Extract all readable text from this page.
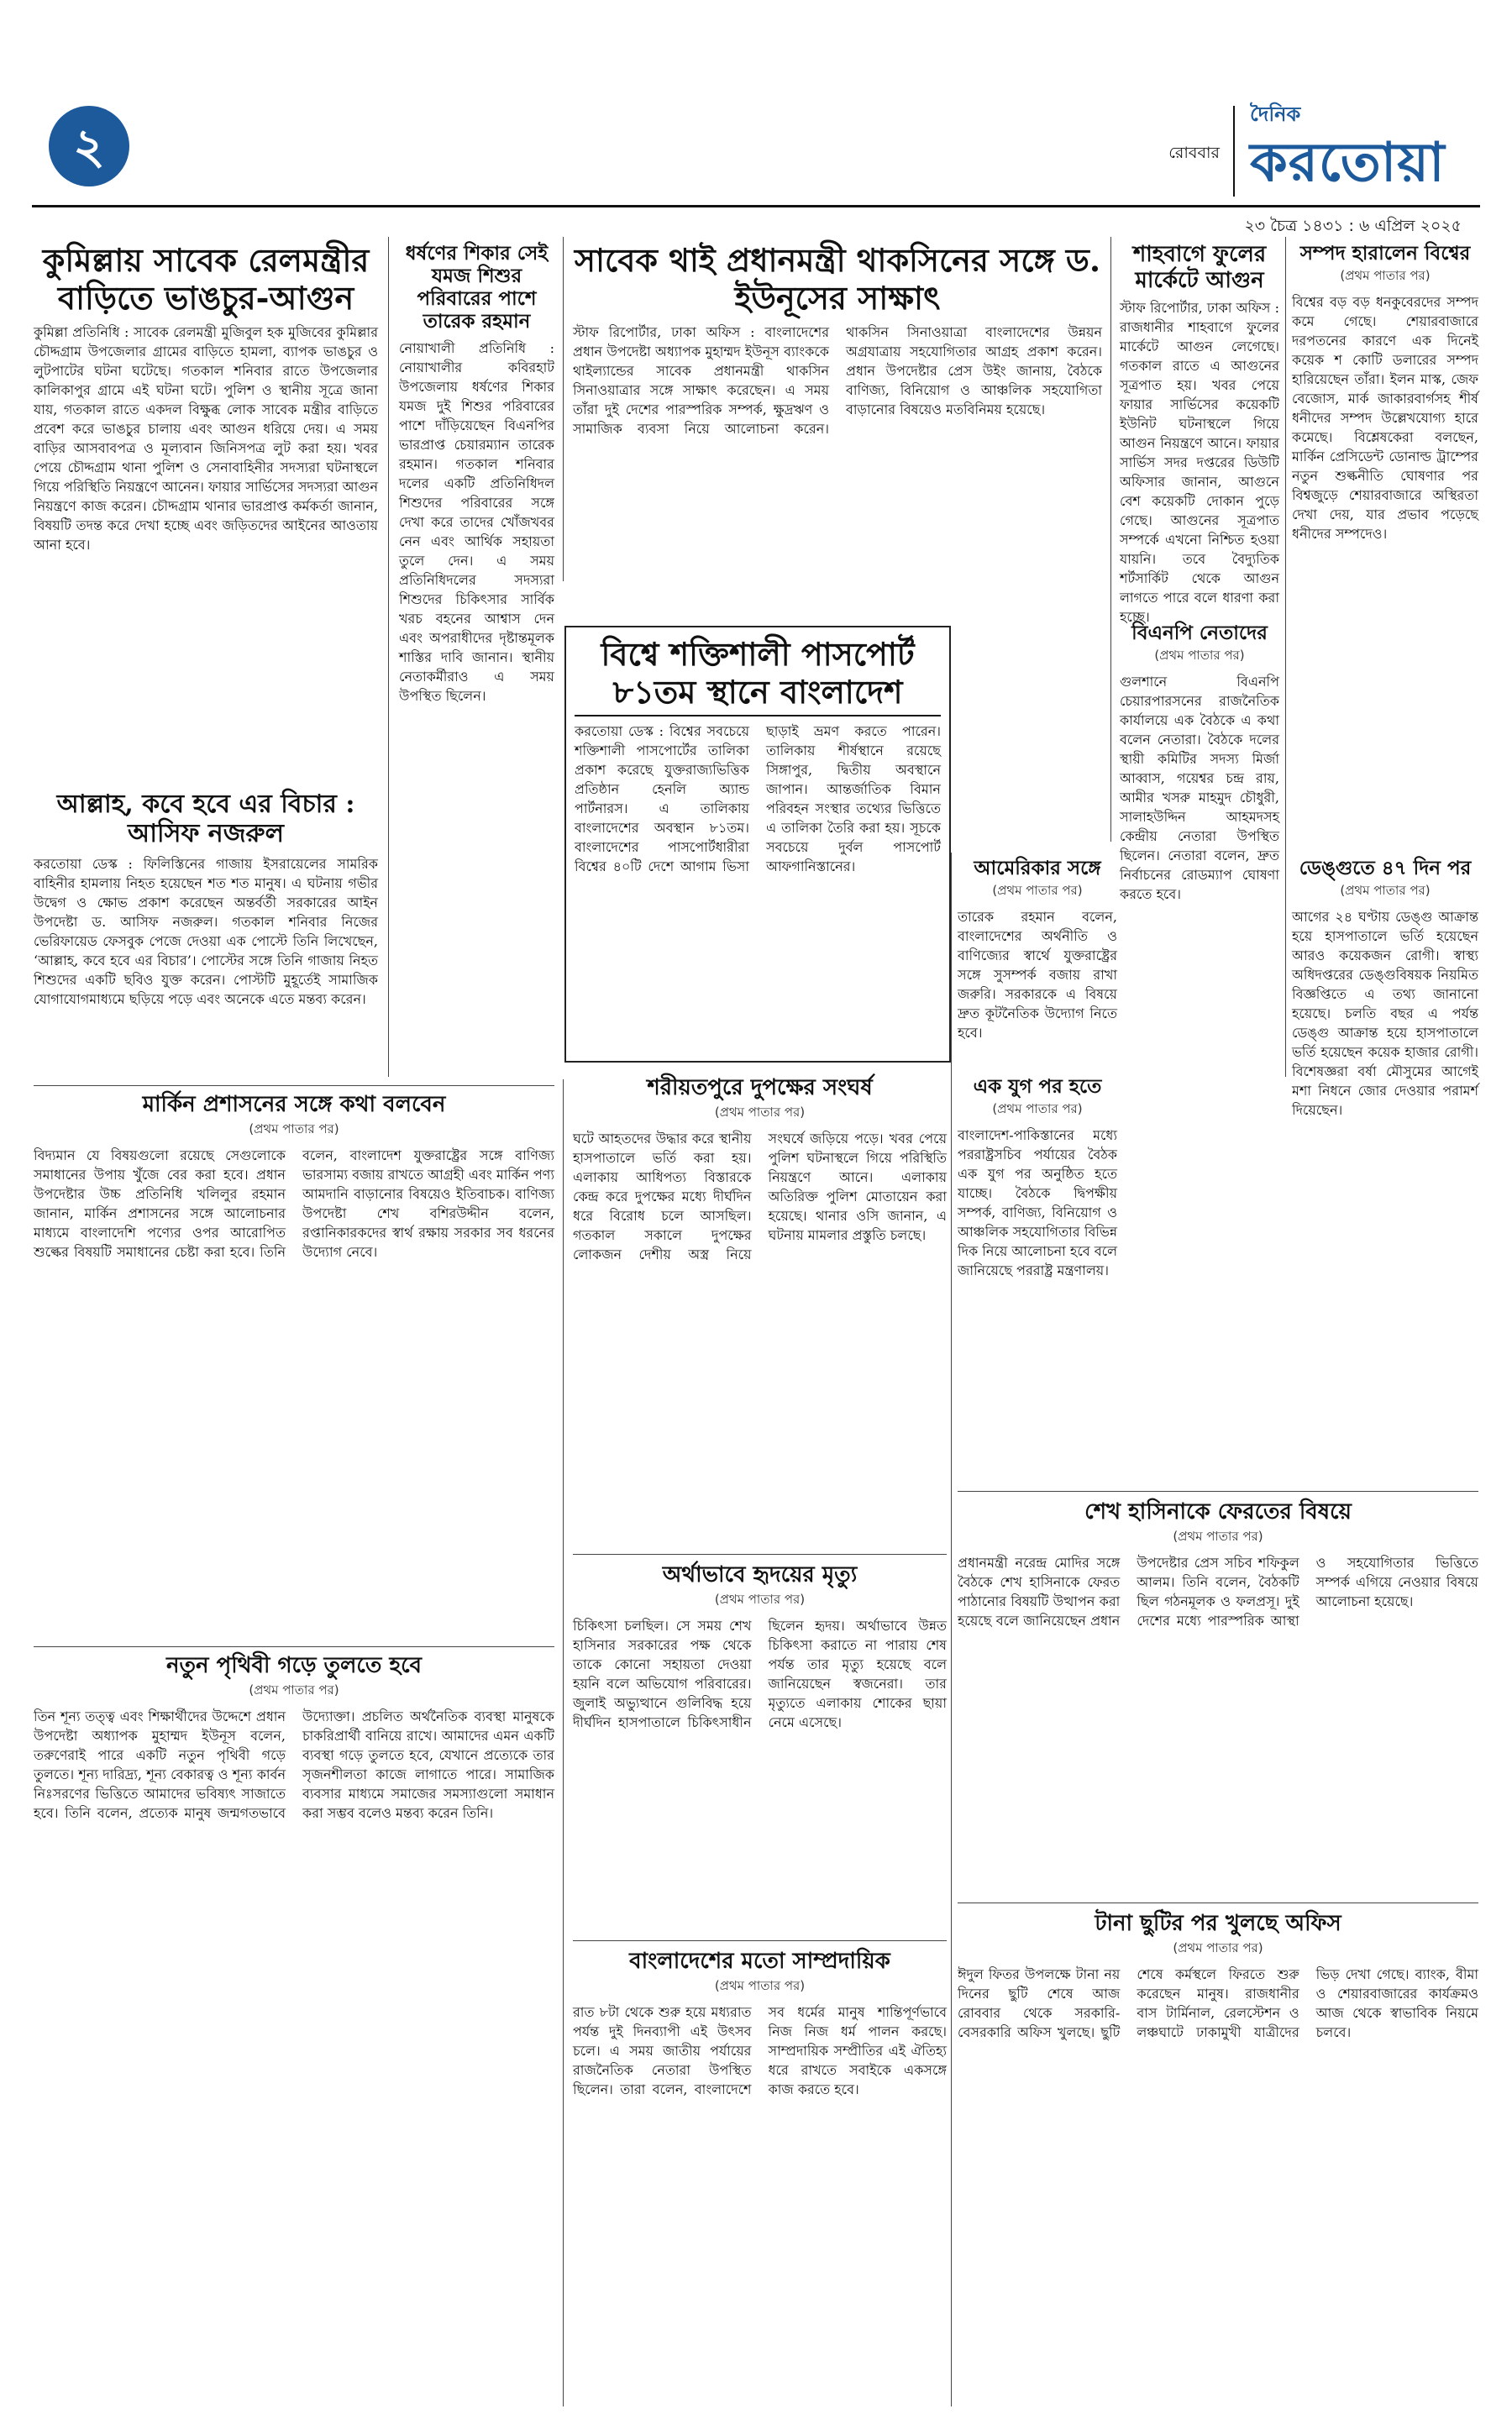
২	রোববার
দৈনিক
করতোয়া
২৩ চৈত্র ১৪৩১ : ৬ এপ্রিল ২০২৫
কুমিল্লায় সাবেক রেলমন্ত্রীর বাড়িতে ভাঙচুর-আগুন
কুমিল্লা প্রতিনিধি : সাবেক রেলমন্ত্রী মুজিবুল হক মুজিবের কুমিল্লার চৌদ্দগ্রাম উপজেলার গ্রামের বাড়িতে হামলা, ব্যাপক ভাঙচুর ও লুটপাটের ঘটনা ঘটেছে। গতকাল শনিবার রাতে উপজেলার কালিকাপুর গ্রামে এই ঘটনা ঘটে। পুলিশ ও স্থানীয় সূত্রে জানা যায়, গতকাল রাতে একদল বিক্ষুব্ধ লোক সাবেক মন্ত্রীর বাড়িতে প্রবেশ করে ভাঙচুর চালায় এবং আগুন ধরিয়ে দেয়। এ সময় বাড়ির আসবাবপত্র ও মূল্যবান জিনিসপত্র লুট করা হয়। খবর পেয়ে চৌদ্দগ্রাম থানা পুলিশ ও সেনাবাহিনীর সদস্যরা ঘটনাস্থলে গিয়ে পরিস্থিতি নিয়ন্ত্রণে আনেন। ফায়ার সার্ভিসের সদস্যরা আগুন নিয়ন্ত্রণে কাজ করেন। চৌদ্দগ্রাম থানার ভারপ্রাপ্ত কর্মকর্তা জানান, বিষয়টি তদন্ত করে দেখা হচ্ছে এবং জড়িতদের আইনের আওতায় আনা হবে।
আল্লাহ, কবে হবে এর বিচার : আসিফ নজরুল
করতোয়া ডেস্ক : ফিলিস্তিনের গাজায় ইসরায়েলের সামরিক বাহিনীর হামলায় নিহত হয়েছেন শত শত মানুষ। এ ঘটনায় গভীর উদ্বেগ ও ক্ষোভ প্রকাশ করেছেন অন্তর্বর্তী সরকারের আইন উপদেষ্টা ড. আসিফ নজরুল। গতকাল শনিবার নিজের ভেরিফায়েড ফেসবুক পেজে দেওয়া এক পোস্টে তিনি লিখেছেন, ‘আল্লাহ, কবে হবে এর বিচার’। পোস্টের সঙ্গে তিনি গাজায় নিহত শিশুদের একটি ছবিও যুক্ত করেন। পোস্টটি মুহূর্তেই সামাজিক যোগাযোগমাধ্যমে ছড়িয়ে পড়ে এবং অনেকে এতে মন্তব্য করেন।
ধর্ষণের শিকার সেই যমজ শিশুর পরিবারের পাশে তারেক রহমান
নোয়াখালী প্রতিনিধি : নোয়াখালীর কবিরহাট উপজেলায় ধর্ষণের শিকার যমজ দুই শিশুর পরিবারের পাশে দাঁড়িয়েছেন বিএনপির ভারপ্রাপ্ত চেয়ারম্যান তারেক রহমান। গতকাল শনিবার দলের একটি প্রতিনিধিদল শিশুদের পরিবারের সঙ্গে দেখা করে তাদের খোঁজখবর নেন এবং আর্থিক সহায়তা তুলে দেন। এ সময় প্রতিনিধিদলের সদস্যরা শিশুদের চিকিৎসার সার্বিক খরচ বহনের আশ্বাস দেন এবং অপরাধীদের দৃষ্টান্তমূলক শাস্তির দাবি জানান। স্থানীয় নেতাকর্মীরাও এ সময় উপস্থিত ছিলেন।
সাবেক থাই প্রধানমন্ত্রী থাকসিনের সঙ্গে ড. ইউনূসের সাক্ষাৎ
স্টাফ রিপোর্টার, ঢাকা অফিস : বাংলাদেশের প্রধান উপদেষ্টা অধ্যাপক মুহাম্মদ ইউনূস ব্যাংককে থাইল্যান্ডের সাবেক প্রধানমন্ত্রী থাকসিন সিনাওয়াত্রার সঙ্গে সাক্ষাৎ করেছেন। এ সময় তাঁরা দুই দেশের পারস্পরিক সম্পর্ক, ক্ষুদ্রঋণ ও সামাজিক ব্যবসা নিয়ে আলোচনা করেন। থাকসিন সিনাওয়াত্রা বাংলাদেশের উন্নয়ন অগ্রযাত্রায় সহযোগিতার আগ্রহ প্রকাশ করেন। প্রধান উপদেষ্টার প্রেস উইং জানায়, বৈঠকে বাণিজ্য, বিনিয়োগ ও আঞ্চলিক সহযোগিতা বাড়ানোর বিষয়েও মতবিনিময় হয়েছে।
বিশ্বে শক্তিশালী পাসপোর্ট ৮১তম স্থানে বাংলাদেশ
করতোয়া ডেস্ক : বিশ্বের সবচেয়ে শক্তিশালী পাসপোর্টের তালিকা প্রকাশ করেছে যুক্তরাজ্যভিত্তিক প্রতিষ্ঠান হেনলি অ্যান্ড পার্টনারস। এ তালিকায় বাংলাদেশের অবস্থান ৮১তম। বাংলাদেশের পাসপোর্টধারীরা বিশ্বের ৪০টি দেশে আগাম ভিসা ছাড়াই ভ্রমণ করতে পারেন। তালিকায় শীর্ষস্থানে রয়েছে সিঙ্গাপুর, দ্বিতীয় অবস্থানে জাপান। আন্তর্জাতিক বিমান পরিবহন সংস্থার তথ্যের ভিত্তিতে এ তালিকা তৈরি করা হয়। সূচকে সবচেয়ে দুর্বল পাসপোর্ট আফগানিস্তানের।
শাহবাগে ফুলের মার্কেটে আগুন
স্টাফ রিপোর্টার, ঢাকা অফিস : রাজধানীর শাহবাগে ফুলের মার্কেটে আগুন লেগেছে। গতকাল রাতে এ আগুনের সূত্রপাত হয়। খবর পেয়ে ফায়ার সার্ভিসের কয়েকটি ইউনিট ঘটনাস্থলে গিয়ে আগুন নিয়ন্ত্রণে আনে। ফায়ার সার্ভিস সদর দপ্তরের ডিউটি অফিসার জানান, আগুনে বেশ কয়েকটি দোকান পুড়ে গেছে। আগুনের সূত্রপাত সম্পর্কে এখনো নিশ্চিত হওয়া যায়নি। তবে বৈদ্যুতিক শর্টসার্কিট থেকে আগুন লাগতে পারে বলে ধারণা করা হচ্ছে।
বিএনপি নেতাদের
(প্রথম পাতার পর)
গুলশানে বিএনপি চেয়ারপারসনের রাজনৈতিক কার্যালয়ে এক বৈঠকে এ কথা বলেন নেতারা। বৈঠকে দলের স্থায়ী কমিটির সদস্য মির্জা আব্বাস, গয়েশ্বর চন্দ্র রায়, আমীর খসরু মাহমুদ চৌধুরী, সালাহউদ্দিন আহমদসহ কেন্দ্রীয় নেতারা উপস্থিত ছিলেন। নেতারা বলেন, দ্রুত নির্বাচনের রোডম্যাপ ঘোষণা করতে হবে।
আমেরিকার সঙ্গে
(প্রথম পাতার পর)
তারেক রহমান বলেন, বাংলাদেশের অর্থনীতি ও বাণিজ্যের স্বার্থে যুক্তরাষ্ট্রের সঙ্গে সুসম্পর্ক বজায় রাখা জরুরি। সরকারকে এ বিষয়ে দ্রুত কূটনৈতিক উদ্যোগ নিতে হবে।
এক যুগ পর হতে
(প্রথম পাতার পর)
বাংলাদেশ-পাকিস্তানের মধ্যে পররাষ্ট্রসচিব পর্যায়ের বৈঠক এক যুগ পর অনুষ্ঠিত হতে যাচ্ছে। বৈঠকে দ্বিপক্ষীয় সম্পর্ক, বাণিজ্য, বিনিয়োগ ও আঞ্চলিক সহযোগিতার বিভিন্ন দিক নিয়ে আলোচনা হবে বলে জানিয়েছে পররাষ্ট্র মন্ত্রণালয়।
সম্পদ হারালেন বিশ্বের
(প্রথম পাতার পর)
বিশ্বের বড় বড় ধনকুবেরদের সম্পদ কমে গেছে। শেয়ারবাজারে দরপতনের কারণে এক দিনেই কয়েক শ কোটি ডলারের সম্পদ হারিয়েছেন তাঁরা। ইলন মাস্ক, জেফ বেজোস, মার্ক জাকারবার্গসহ শীর্ষ ধনীদের সম্পদ উল্লেখযোগ্য হারে কমেছে। বিশ্লেষকেরা বলছেন, মার্কিন প্রেসিডেন্ট ডোনাল্ড ট্রাম্পের নতুন শুল্কনীতি ঘোষণার পর বিশ্বজুড়ে শেয়ারবাজারে অস্থিরতা দেখা দেয়, যার প্রভাব পড়েছে ধনীদের সম্পদেও।
ডেঙ্গুতে ৪৭ দিন পর
(প্রথম পাতার পর)
আগের ২৪ ঘণ্টায় ডেঙ্গু আক্রান্ত হয়ে হাসপাতালে ভর্তি হয়েছেন আরও কয়েকজন রোগী। স্বাস্থ্য অধিদপ্তরের ডেঙ্গুবিষয়ক নিয়মিত বিজ্ঞপ্তিতে এ তথ্য জানানো হয়েছে। চলতি বছর এ পর্যন্ত ডেঙ্গু আক্রান্ত হয়ে হাসপাতালে ভর্তি হয়েছেন কয়েক হাজার রোগী। বিশেষজ্ঞরা বর্ষা মৌসুমের আগেই মশা নিধনে জোর দেওয়ার পরামর্শ দিয়েছেন।
শেখ হাসিনাকে ফেরতের বিষয়ে
(প্রথম পাতার পর)
প্রধানমন্ত্রী নরেন্দ্র মোদির সঙ্গে বৈঠকে শেখ হাসিনাকে ফেরত পাঠানোর বিষয়টি উত্থাপন করা হয়েছে বলে জানিয়েছেন প্রধান উপদেষ্টার প্রেস সচিব শফিকুল আলম। তিনি বলেন, বৈঠকটি ছিল গঠনমূলক ও ফলপ্রসূ। দুই দেশের মধ্যে পারস্পরিক আস্থা ও সহযোগিতার ভিত্তিতে সম্পর্ক এগিয়ে নেওয়ার বিষয়ে আলোচনা হয়েছে।
টানা ছুটির পর খুলছে অফিস
(প্রথম পাতার পর)
ঈদুল ফিতর উপলক্ষে টানা নয় দিনের ছুটি শেষে আজ রোববার থেকে সরকারি-বেসরকারি অফিস খুলছে। ছুটি শেষে কর্মস্থলে ফিরতে শুরু করেছেন মানুষ। রাজধানীর বাস টার্মিনাল, রেলস্টেশন ও লঞ্চঘাটে ঢাকামুখী যাত্রীদের ভিড় দেখা গেছে। ব্যাংক, বীমা ও শেয়ারবাজারের কার্যক্রমও আজ থেকে স্বাভাবিক নিয়মে চলবে।
মার্কিন প্রশাসনের সঙ্গে কথা বলবেন
(প্রথম পাতার পর)
বিদ্যমান যে বিষয়গুলো রয়েছে সেগুলোকে সমাধানের উপায় খুঁজে বের করা হবে। প্রধান উপদেষ্টার উচ্চ প্রতিনিধি খলিলুর রহমান জানান, মার্কিন প্রশাসনের সঙ্গে আলোচনার মাধ্যমে বাংলাদেশি পণ্যের ওপর আরোপিত শুল্কের বিষয়টি সমাধানের চেষ্টা করা হবে। তিনি বলেন, বাংলাদেশ যুক্তরাষ্ট্রের সঙ্গে বাণিজ্য ভারসাম্য বজায় রাখতে আগ্রহী এবং মার্কিন পণ্য আমদানি বাড়ানোর বিষয়েও ইতিবাচক। বাণিজ্য উপদেষ্টা শেখ বশিরউদ্দীন বলেন, রপ্তানিকারকদের স্বার্থ রক্ষায় সরকার সব ধরনের উদ্যোগ নেবে।
নতুন পৃথিবী গড়ে তুলতে হবে
(প্রথম পাতার পর)
তিন শূন্য তত্ত্ব এবং শিক্ষার্থীদের উদ্দেশে প্রধান উপদেষ্টা অধ্যাপক মুহাম্মদ ইউনূস বলেন, তরুণেরাই পারে একটি নতুন পৃথিবী গড়ে তুলতে। শূন্য দারিদ্র্য, শূন্য বেকারত্ব ও শূন্য কার্বন নিঃসরণের ভিত্তিতে আমাদের ভবিষ্যৎ সাজাতে হবে। তিনি বলেন, প্রত্যেক মানুষ জন্মগতভাবে উদ্যোক্তা। প্রচলিত অর্থনৈতিক ব্যবস্থা মানুষকে চাকরিপ্রার্থী বানিয়ে রাখে। আমাদের এমন একটি ব্যবস্থা গড়ে তুলতে হবে, যেখানে প্রত্যেকে তার সৃজনশীলতা কাজে লাগাতে পারে। সামাজিক ব্যবসার মাধ্যমে সমাজের সমস্যাগুলো সমাধান করা সম্ভব বলেও মন্তব্য করেন তিনি।
শরীয়তপুরে দুপক্ষের সংঘর্ষ
(প্রথম পাতার পর)
ঘটে আহতদের উদ্ধার করে স্থানীয় হাসপাতালে ভর্তি করা হয়। এলাকায় আধিপত্য বিস্তারকে কেন্দ্র করে দুপক্ষের মধ্যে দীর্ঘদিন ধরে বিরোধ চলে আসছিল। গতকাল সকালে দুপক্ষের লোকজন দেশীয় অস্ত্র নিয়ে সংঘর্ষে জড়িয়ে পড়ে। খবর পেয়ে পুলিশ ঘটনাস্থলে গিয়ে পরিস্থিতি নিয়ন্ত্রণে আনে। এলাকায় অতিরিক্ত পুলিশ মোতায়েন করা হয়েছে। থানার ওসি জানান, এ ঘটনায় মামলার প্রস্তুতি চলছে।
অর্থাভাবে হৃদয়ের মৃত্যু
(প্রথম পাতার পর)
চিকিৎসা চলছিল। সে সময় শেখ হাসিনার সরকারের পক্ষ থেকে তাকে কোনো সহায়তা দেওয়া হয়নি বলে অভিযোগ পরিবারের। জুলাই অভ্যুত্থানে গুলিবিদ্ধ হয়ে দীর্ঘদিন হাসপাতালে চিকিৎসাধীন ছিলেন হৃদয়। অর্থাভাবে উন্নত চিকিৎসা করাতে না পারায় শেষ পর্যন্ত তার মৃত্যু হয়েছে বলে জানিয়েছেন স্বজনেরা। তার মৃত্যুতে এলাকায় শোকের ছায়া নেমে এসেছে।
বাংলাদেশের মতো সাম্প্রদায়িক
(প্রথম পাতার পর)
রাত ৮টা থেকে শুরু হয়ে মধ্যরাত পর্যন্ত দুই দিনব্যাপী এই উৎসব চলে। এ সময় জাতীয় পর্যায়ের রাজনৈতিক নেতারা উপস্থিত ছিলেন। তারা বলেন, বাংলাদেশে সব ধর্মের মানুষ শান্তিপূর্ণভাবে নিজ নিজ ধর্ম পালন করছে। সাম্প্রদায়িক সম্প্রীতির এই ঐতিহ্য ধরে রাখতে সবাইকে একসঙ্গে কাজ করতে হবে।
